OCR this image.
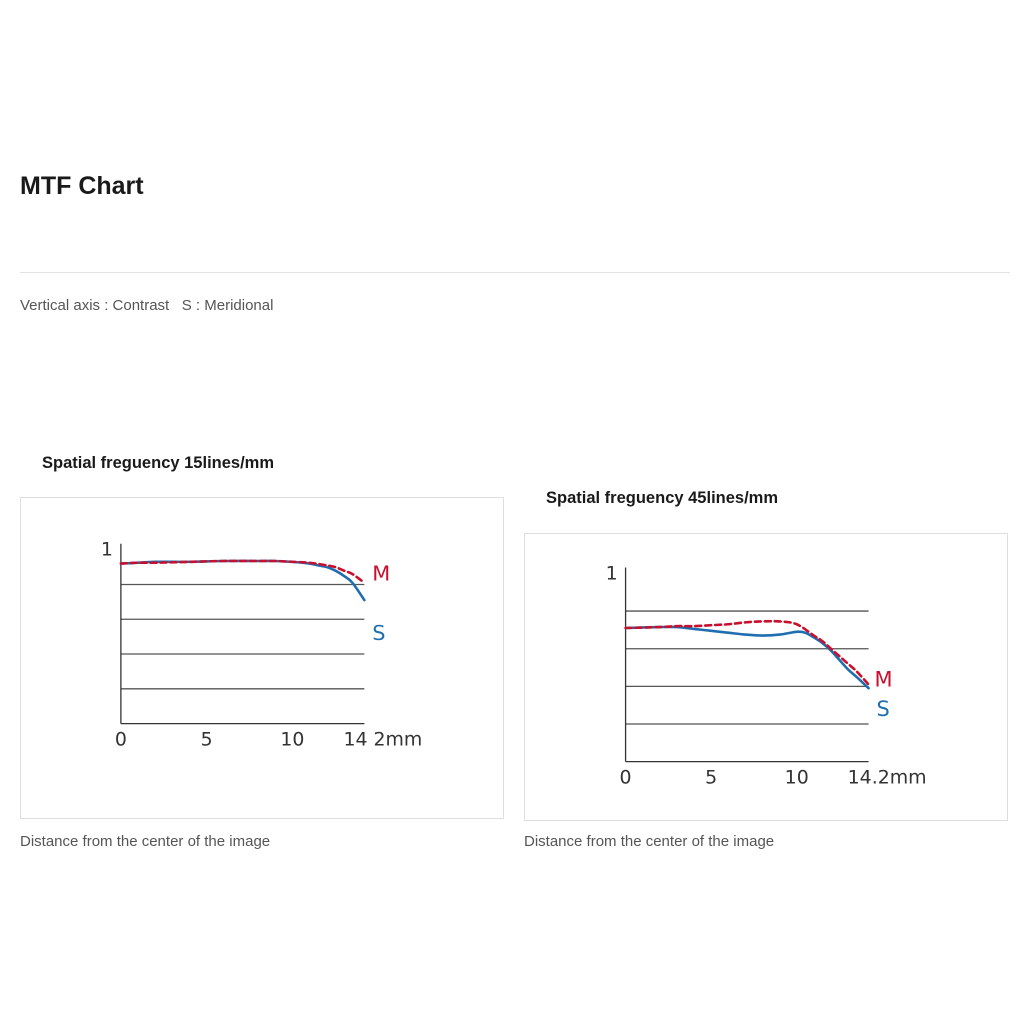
MTF Chart
Vertical axis : Contrast   S : Meridional
Spatial freguency 15lines/mm
1
0	5	10 14 2mm
M
S
Distance from the center of the image
Spatial freguency 45lines/mm
1
0	5	10 14.2mm
M
S
Distance from the center of the image
